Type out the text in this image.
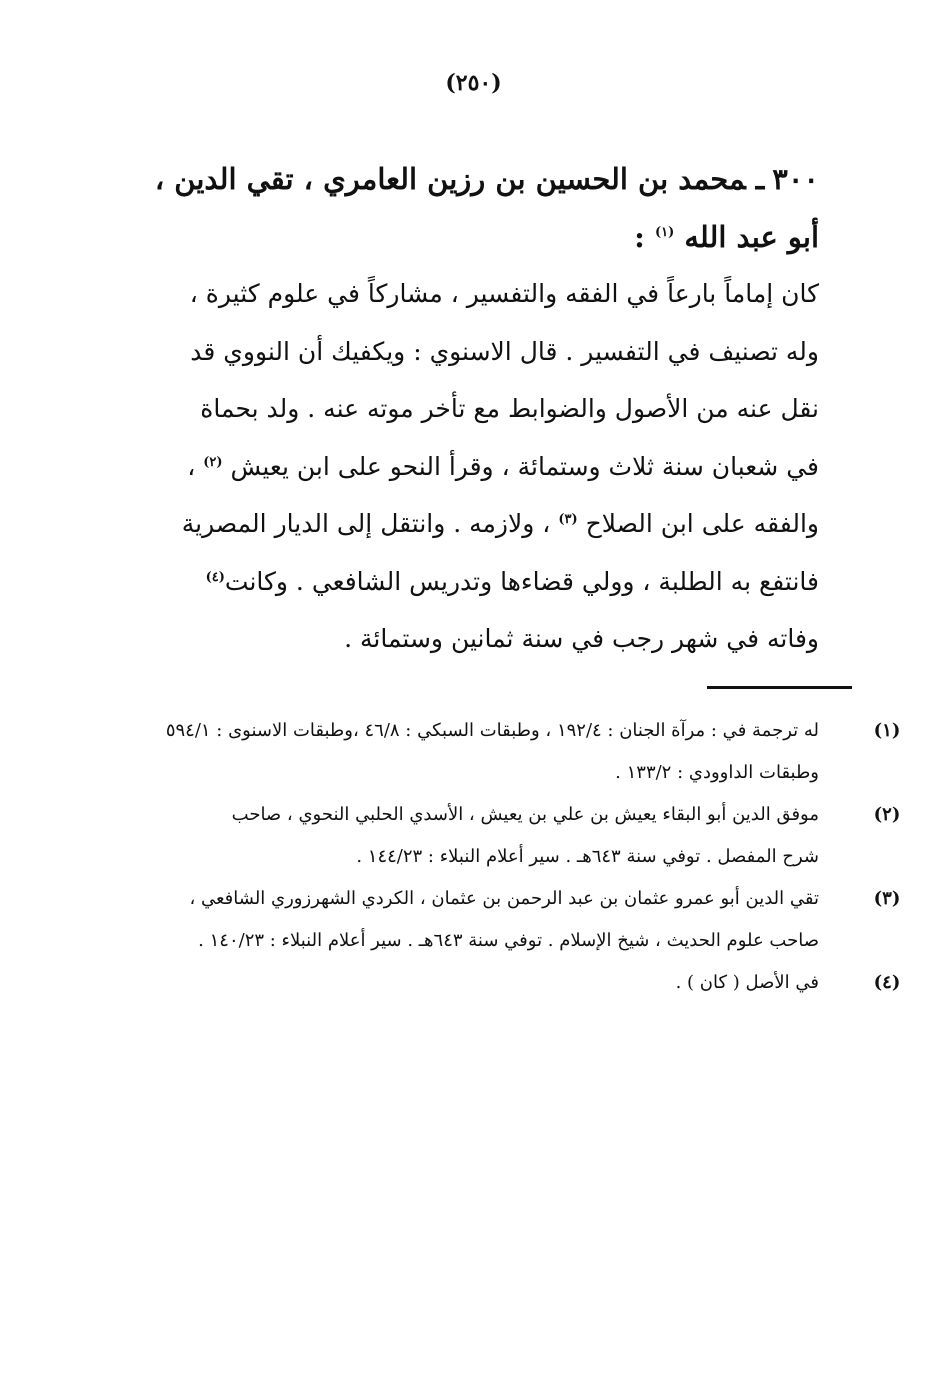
(٢٥٠)
٣٠٠ـمحمد بن الحسين بن رزين العامري ، تقي الدين ،
أبو عبد الله $^{(١)}$ :
كان إماماً بارعاً في الفقه والتفسير ، مشاركاً في علوم كثيرة ،
وله تصنيف في التفسير . قال الاسنوي : ويكفيك أن النووي قد
نقل عنه من الأصول والضوابط مع تأخر موته عنه . ولد بحماة
في شعبان سنة ثلاث وستمائة ، وقرأ النحو على ابن يعيش $^{(٢)}$ ،
والفقه على ابن الصلاح $^{(٣)}$ ، ولازمه . وانتقل إلى الديار المصرية
فانتفع به الطلبة ، وولي قضاءها وتدريس الشافعي . وكانت$^{(٤)}$
وفاته في شهر رجب في سنة ثمانين وستمائة .
(١)
له ترجمة في : مرآة الجنان : ١٩٢/٤ ، وطبقات السبكي : ٤٦/٨ ،وطبقات الاسنوى : ٥٩٤/١
وطبقات الداوودي : ١٣٣/٢ .
(٢)
موفق الدين أبو البقاء يعيش بن علي بن يعيش ، الأسدي الحلبي النحوي ، صاحب
شرح المفصل . توفي سنة ٦٤٣هـ . سير أعلام النبلاء : ١٤٤/٢٣ .
(٣)
تقي الدين أبو عمرو عثمان بن عبد الرحمن بن عثمان ، الكردي الشهرزوري الشافعي ،
صاحب علوم الحديث ، شيخ الإسلام . توفي سنة ٦٤٣هـ . سير أعلام النبلاء : ١٤٠/٢٣ .
(٤)
في الأصل ( كان ) .
